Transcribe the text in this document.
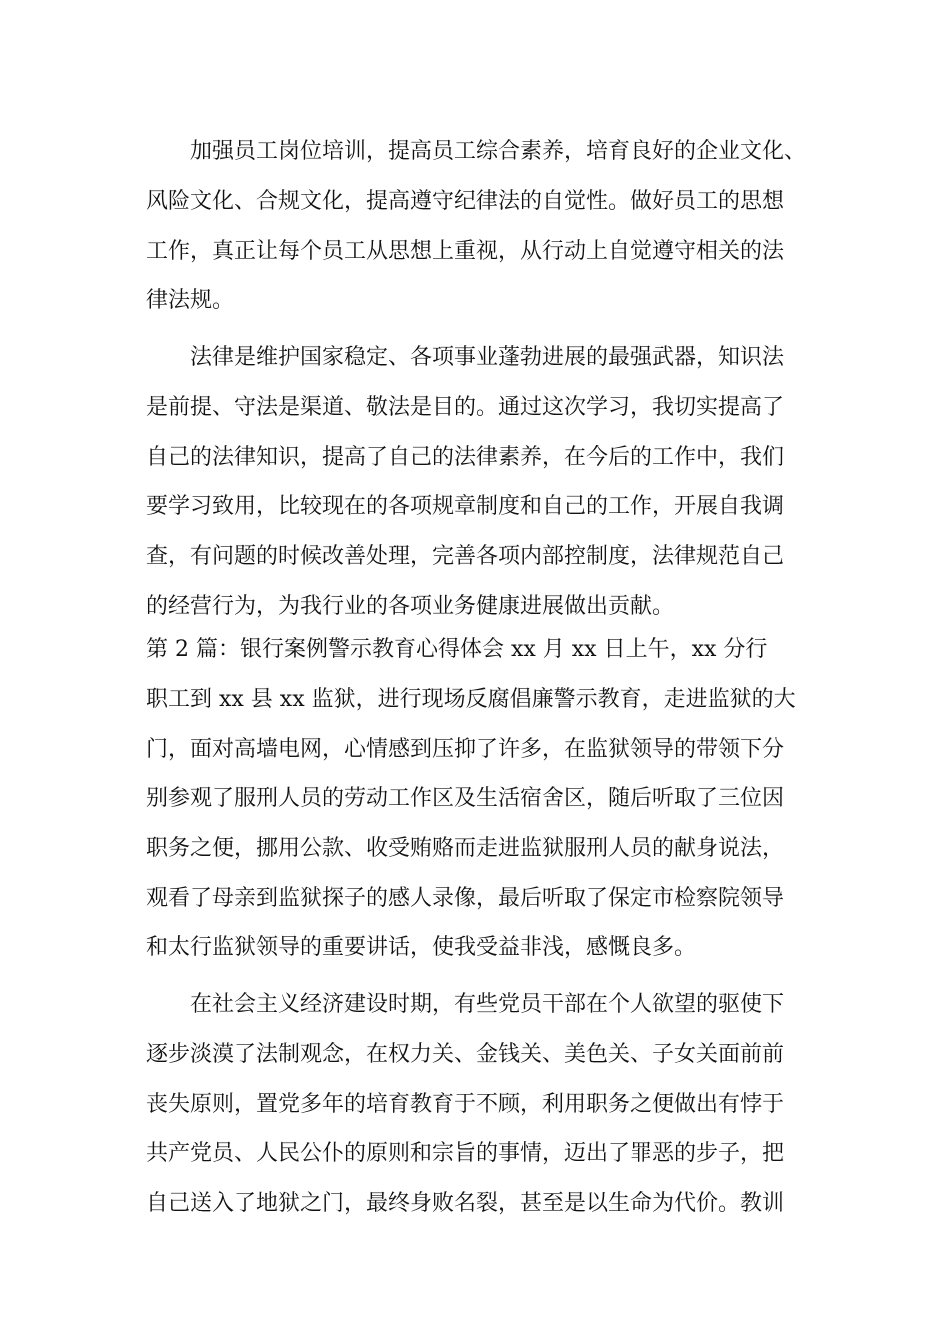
加强员工岗位培训，提高员工综合素养，培育良好的企业文化、
风险文化、合规文化，提高遵守纪律法的自觉性。做好员工的思想
工作，真正让每个员工从思想上重视，从行动上自觉遵守相关的法
律法规。
法律是维护国家稳定、各项事业蓬勃进展的最强武器，知识法
是前提、守法是渠道、敬法是目的。通过这次学习，我切实提高了
自己的法律知识，提高了自己的法律素养，在今后的工作中，我们
要学习致用，比较现在的各项规章制度和自己的工作，开展自我调
查，有问题的时候改善处理，完善各项内部控制度，法律规范自己
的经营行为，为我行业的各项业务健康进展做出贡献。
第 2 篇：银行案例警示教育心得体会 xx 月 xx 日上午，xx 分行
职工到 xx 县 xx 监狱，进行现场反腐倡廉警示教育，走进监狱的大
门，面对高墙电网，心情感到压抑了许多，在监狱领导的带领下分
别参观了服刑人员的劳动工作区及生活宿舍区，随后听取了三位因
职务之便，挪用公款、收受贿赂而走进监狱服刑人员的献身说法，
观看了母亲到监狱探子的感人录像，最后听取了保定市检察院领导
和太行监狱领导的重要讲话，使我受益非浅，感慨良多。
在社会主义经济建设时期，有些党员干部在个人欲望的驱使下
逐步淡漠了法制观念，在权力关、金钱关、美色关、子女关面前前
丧失原则，置党多年的培育教育于不顾，利用职务之便做出有悖于
共产党员、人民公仆的原则和宗旨的事情，迈出了罪恶的步子，把
自己送入了地狱之门，最终身败名裂，甚至是以生命为代价。教训
